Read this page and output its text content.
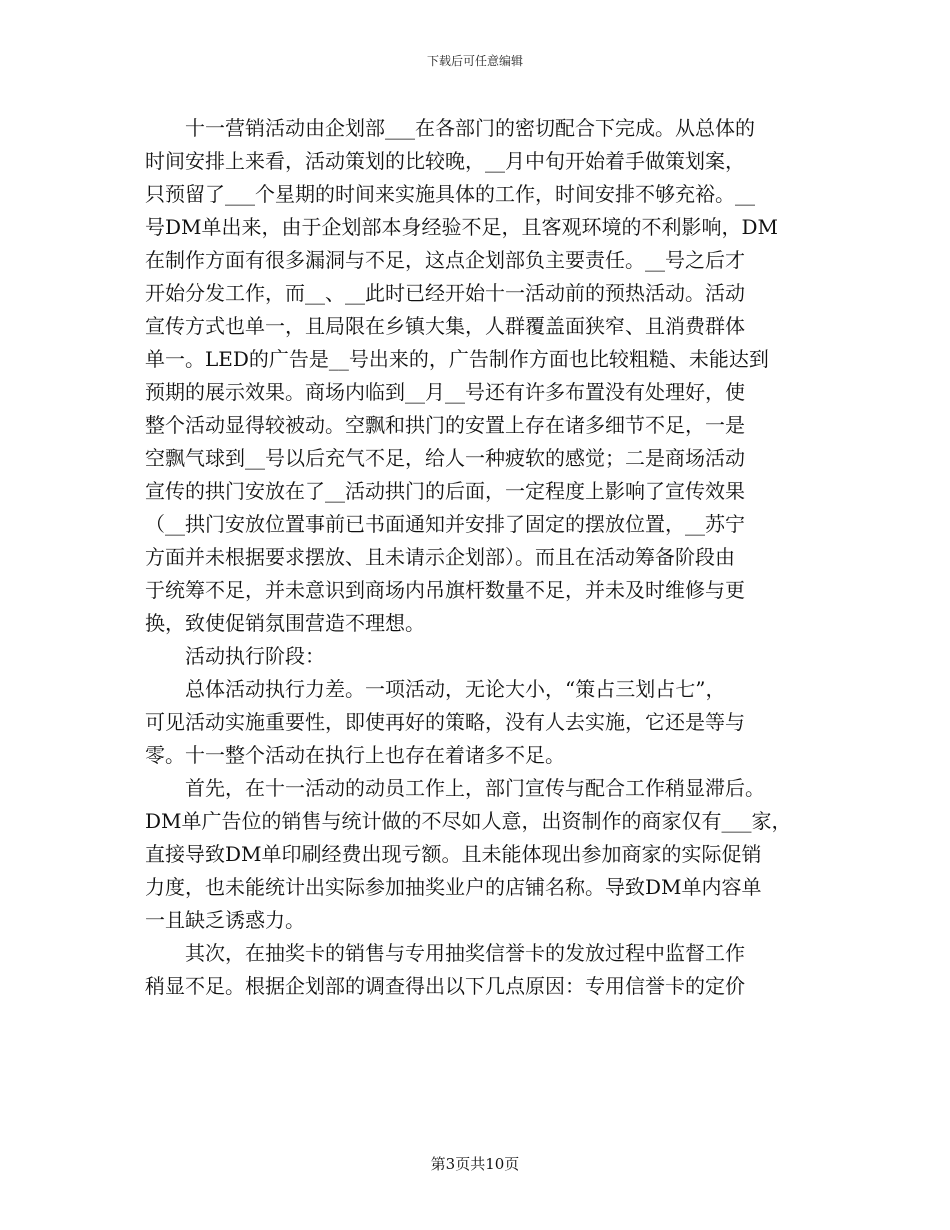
下载后可任意编辑
十一营销活动由企划部___在各部门的密切配合下完成。从总体的
时间安排上来看，活动策划的比较晚，__月中旬开始着手做策划案，
只预留了___个星期的时间来实施具体的工作，时间安排不够充裕。__
号DM单出来，由于企划部本身经验不足，且客观环境的不利影响，DM
在制作方面有很多漏洞与不足，这点企划部负主要责任。__号之后才
开始分发工作，而__、__此时已经开始十一活动前的预热活动。活动
宣传方式也单一，且局限在乡镇大集，人群覆盖面狭窄、且消费群体
单一。LED的广告是__号出来的，广告制作方面也比较粗糙、未能达到
预期的展示效果。商场内临到__月__号还有许多布置没有处理好，使
整个活动显得较被动。空飘和拱门的安置上存在诸多细节不足，一是
空飘气球到__号以后充气不足，给人一种疲软的感觉；二是商场活动
宣传的拱门安放在了__活动拱门的后面，一定程度上影响了宣传效果
（__拱门安放位置事前已书面通知并安排了固定的摆放位置，__苏宁
方面并未根据要求摆放、且未请示企划部）。而且在活动筹备阶段由
于统筹不足，并未意识到商场内吊旗杆数量不足，并未及时维修与更
换，致使促销氛围营造不理想。
活动执行阶段：
总体活动执行力差。一项活动，无论大小，“策占三划占七”，
可见活动实施重要性，即使再好的策略，没有人去实施，它还是等与
零。十一整个活动在执行上也存在着诸多不足。
首先，在十一活动的动员工作上，部门宣传与配合工作稍显滞后。
DM单广告位的销售与统计做的不尽如人意，出资制作的商家仅有___家，
直接导致DM单印刷经费出现亏额。且未能体现出参加商家的实际促销
力度，也未能统计出实际参加抽奖业户的店铺名称。导致DM单内容单
一且缺乏诱惑力。
其次，在抽奖卡的销售与专用抽奖信誉卡的发放过程中监督工作
稍显不足。根据企划部的调查得出以下几点原因：专用信誉卡的定价
第3页共10页
